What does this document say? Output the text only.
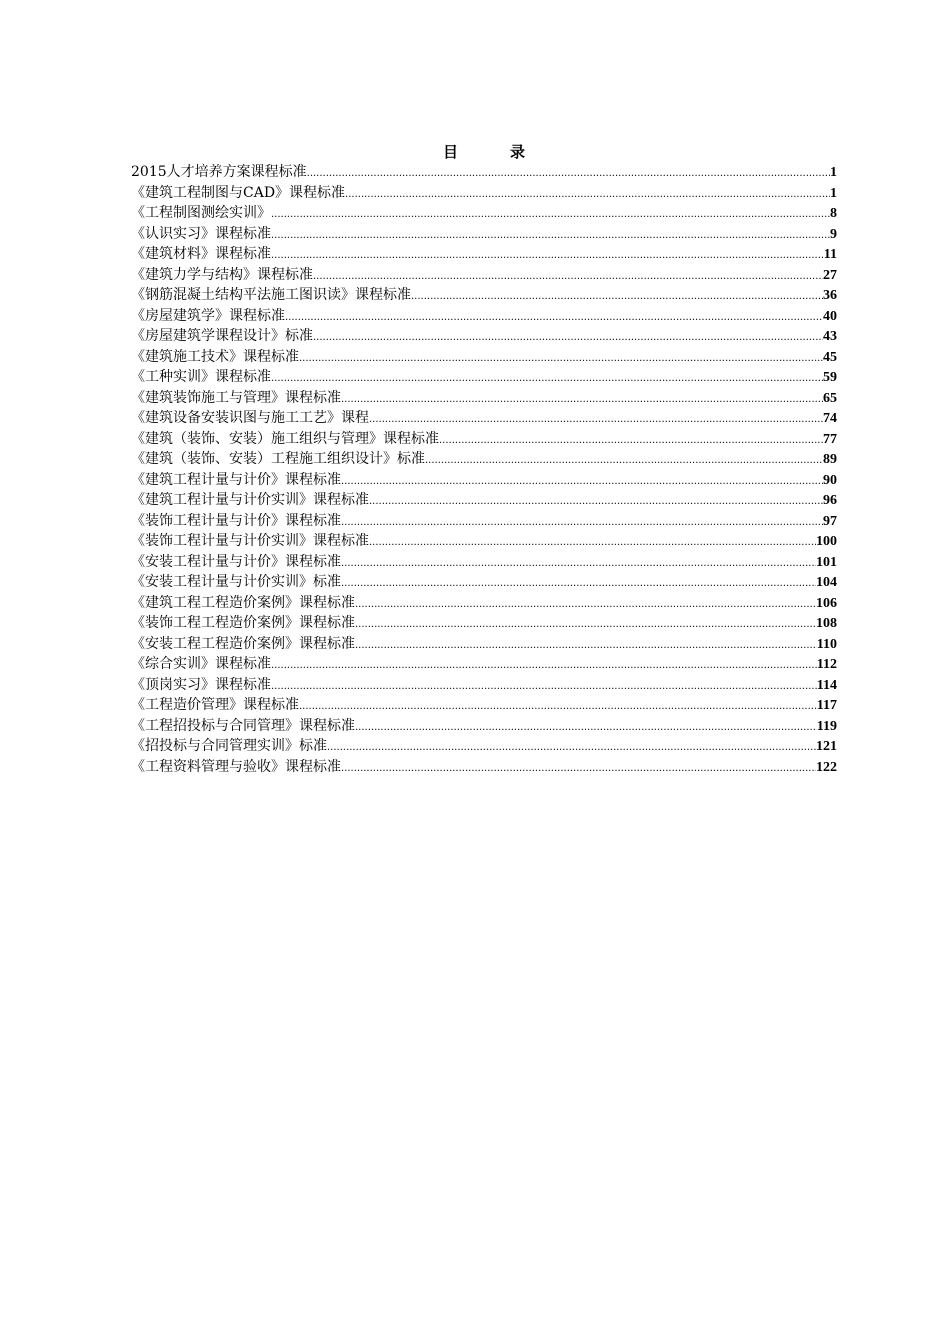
目	录
2015人才培养方案课程标准 .....	1
《建筑工程制图与CAD》课程标准 .....	1
《工程制图测绘实训》 .....	8
《认识实习》课程标准 .....	9
《建筑材料》课程标准 .....	11
《建筑力学与结构》课程标准 .....	27
《钢筋混凝土结构平法施工图识读》课程标准 .....	36
《房屋建筑学》课程标准 .....	40
《房屋建筑学课程设计》标准 .....	43
《建筑施工技术》课程标准 .....	45
《工种实训》课程标准 .....	59
《建筑装饰施工与管理》课程标准 .....	65
《建筑设备安装识图与施工工艺》课程 .....	74
《建筑（装饰、安装）施工组织与管理》课程标准 .....	77
《建筑（装饰、安装）工程施工组织设计》标准 .....	89
《建筑工程计量与计价》课程标准 .....	90
《建筑工程计量与计价实训》课程标准 .....	96
《装饰工程计量与计价》课程标准 .....	97
《装饰工程计量与计价实训》课程标准 .....	100
《安装工程计量与计价》课程标准 .....	101
《安装工程计量与计价实训》标准 .....	104
《建筑工程工程造价案例》课程标准 .....	106
《装饰工程工程造价案例》课程标准 .....	108
《安装工程工程造价案例》课程标准 .....	110
《综合实训》课程标准 .....	112
《顶岗实习》课程标准 .....	114
《工程造价管理》课程标准 .....	117
《工程招投标与合同管理》课程标准 .....	119
《招投标与合同管理实训》标准 .....	121
《工程资料管理与验收》课程标准 .....	122
